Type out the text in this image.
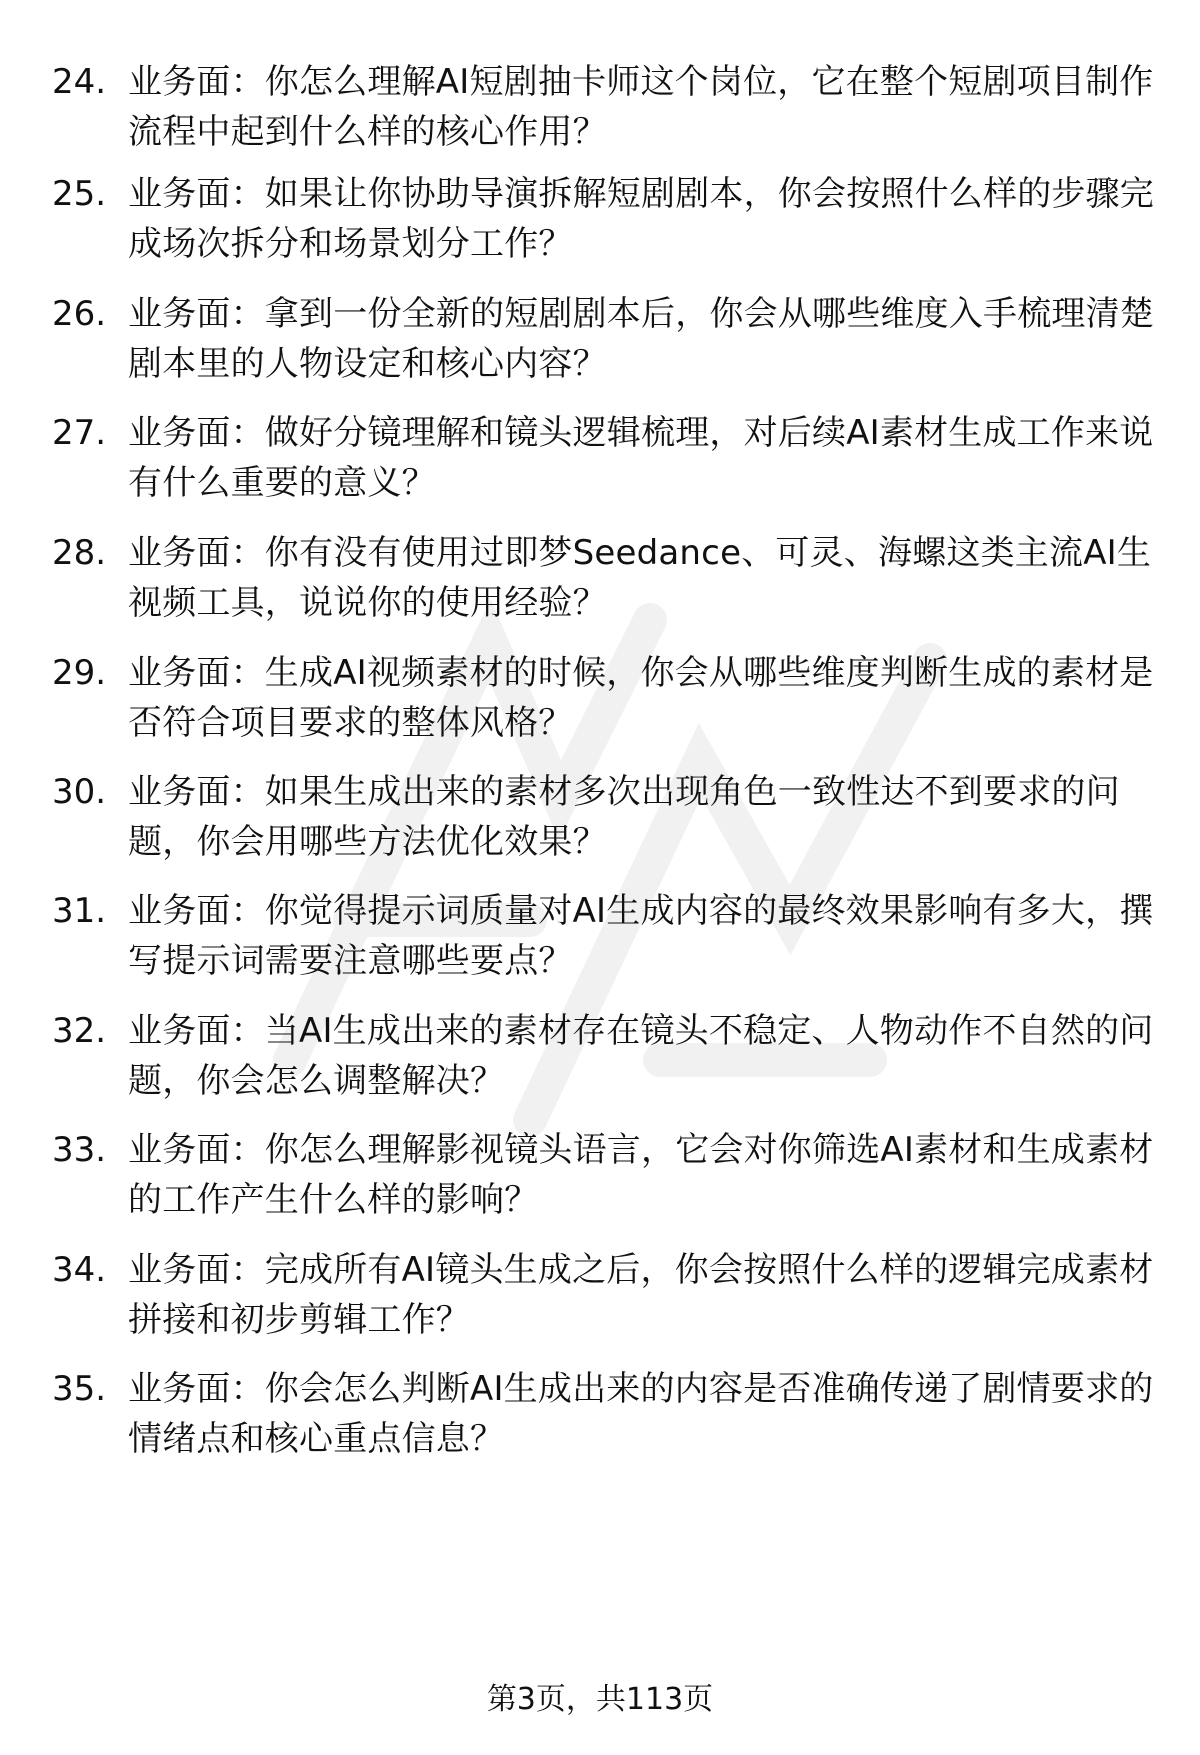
24. 业务面：你怎么理解AI短剧抽卡师这个岗位，它在整个短剧项目制作流程中起到什么样的核心作用？
25. 业务面：如果让你协助导演拆解短剧剧本，你会按照什么样的步骤完成场次拆分和场景划分工作？
26. 业务面：拿到一份全新的短剧剧本后，你会从哪些维度入手梳理清楚剧本里的人物设定和核心内容？
27. 业务面：做好分镜理解和镜头逻辑梳理，对后续AI素材生成工作来说有什么重要的意义？
28. 业务面：你有没有使用过即梦Seedance、可灵、海螺这类主流AI生视频工具，说说你的使用经验？
29. 业务面：生成AI视频素材的时候，你会从哪些维度判断生成的素材是否符合项目要求的整体风格？
30. 业务面：如果生成出来的素材多次出现角色一致性达不到要求的问题，你会用哪些方法优化效果？
31. 业务面：你觉得提示词质量对AI生成内容的最终效果影响有多大，撰写提示词需要注意哪些要点？
32. 业务面：当AI生成出来的素材存在镜头不稳定、人物动作不自然的问题，你会怎么调整解决？
33. 业务面：你怎么理解影视镜头语言，它会对你筛选AI素材和生成素材的工作产生什么样的影响？
34. 业务面：完成所有AI镜头生成之后，你会按照什么样的逻辑完成素材拼接和初步剪辑工作？
35. 业务面：你会怎么判断AI生成出来的内容是否准确传递了剧情要求的情绪点和核心重点信息？
第3页，共113页
